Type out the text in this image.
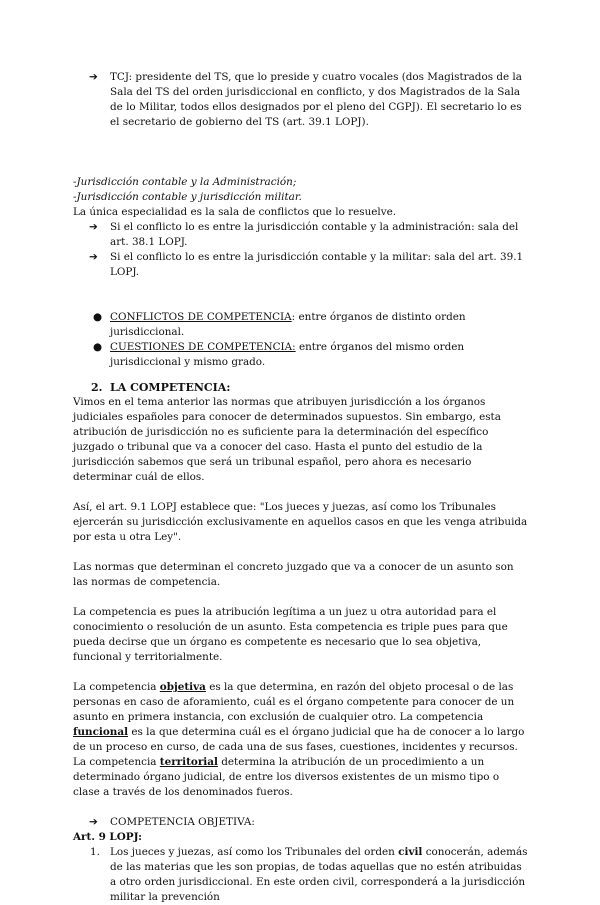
➔ TCJ: presidente del TS, que lo preside y cuatro vocales (dos Magistrados de la Sala del TS del orden jurisdiccional en conflicto, y dos Magistrados de la Sala de lo Militar, todos ellos designados por el pleno del CGPJ). El secretario lo es el secretario de gobierno del TS (art. 39.1 LOPJ).

-Jurisdicción contable y la Administración;

-Jurisdicción contable y jurisdicción militar.

La única especialidad es la sala de conflictos que lo resuelve.

➔ Si el conflicto lo es entre la jurisdicción contable y la administración: sala del art. 38.1 LOPJ.

➔ Si el conflicto lo es entre la jurisdicción contable y la militar: sala del art. 39.1 LOPJ.

● CONFLICTOS DE COMPETENCIA: entre órganos de distinto orden jurisdiccional.

● CUESTIONES DE COMPETENCIA: entre órganos del mismo orden jurisdiccional y mismo grado.

2. LA COMPETENCIA:

Vimos en el tema anterior las normas que atribuyen jurisdicción a los órganos judiciales españoles para conocer de determinados supuestos. Sin embargo, esta atribución de jurisdicción no es suficiente para la determinación del específico juzgado o tribunal que va a conocer del caso. Hasta el punto del estudio de la jurisdicción sabemos que será un tribunal español, pero ahora es necesario determinar cuál de ellos.

Así, el art. 9.1 LOPJ establece que: "Los jueces y juezas, así como los Tribunales ejercerán su jurisdicción exclusivamente en aquellos casos en que les venga atribuida por esta u otra Ley".

Las normas que determinan el concreto juzgado que va a conocer de un asunto son las normas de competencia.

La competencia es pues la atribución legítima a un juez u otra autoridad para el conocimiento o resolución de un asunto. Esta competencia es triple pues para que pueda decirse que un órgano es competente es necesario que lo sea objetiva, funcional y territorialmente.

La competencia objetiva es la que determina, en razón del objeto procesal o de las personas en caso de aforamiento, cuál es el órgano competente para conocer de un asunto en primera instancia, con exclusión de cualquier otro. La competencia funcional es la que determina cuál es el órgano judicial que ha de conocer a lo largo de un proceso en curso, de cada una de sus fases, cuestiones, incidentes y recursos. La competencia territorial determina la atribución de un procedimiento a un determinado órgano judicial, de entre los diversos existentes de un mismo tipo o clase a través de los denominados fueros.

➔ COMPETENCIA OBJETIVA:

Art. 9 LOPJ:

1. Los jueces y juezas, así como los Tribunales del orden civil conocerán, además de las materias que les son propias, de todas aquellas que no estén atribuidas a otro orden jurisdiccional. En este orden civil, corresponderá a la jurisdicción militar la prevención
